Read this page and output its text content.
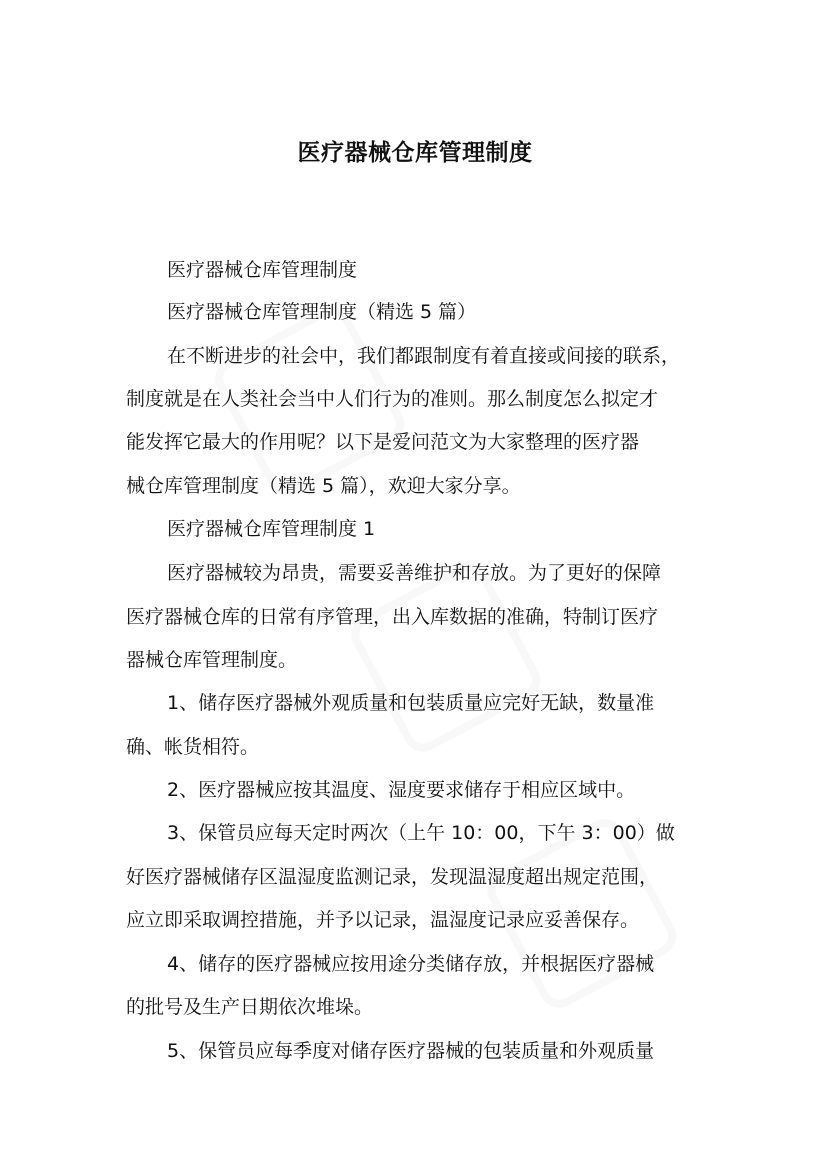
医疗器械仓库管理制度
医疗器械仓库管理制度
医疗器械仓库管理制度（精选 5 篇）
在不断进步的社会中，我们都跟制度有着直接或间接的联系，
制度就是在人类社会当中人们行为的准则。那么制度怎么拟定才
能发挥它最大的作用呢？以下是爱问范文为大家整理的医疗器
械仓库管理制度（精选 5 篇），欢迎大家分享。
医疗器械仓库管理制度 1
医疗器械较为昂贵，需要妥善维护和存放。为了更好的保障
医疗器械仓库的日常有序管理，出入库数据的准确，特制订医疗
器械仓库管理制度。
1、储存医疗器械外观质量和包装质量应完好无缺，数量准
确、帐货相符。
2、医疗器械应按其温度、湿度要求储存于相应区域中。
3、保管员应每天定时两次（上午 10：00，下午 3：00）做
好医疗器械储存区温湿度监测记录，发现温湿度超出规定范围，
应立即采取调控措施，并予以记录，温湿度记录应妥善保存。
4、储存的医疗器械应按用途分类储存放，并根据医疗器械
的批号及生产日期依次堆垛。
5、保管员应每季度对储存医疗器械的包装质量和外观质量
